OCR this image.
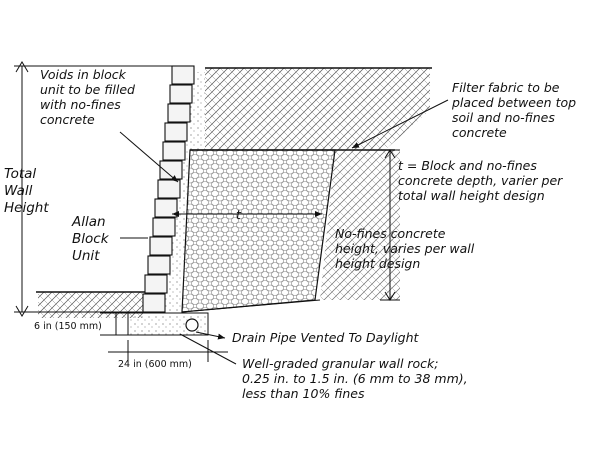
Voids in block
unit to be filled
with no-fines
concrete
Filter fabric to be
placed between top
soil and no-fines
concrete
t = Block and no-fines
concrete depth, varier per
total wall height design
Total
Wall
Height
Allan
Block
Unit
No-fines concrete
height, varies per wall
height design
t
6 in (150 mm)
24 in (600 mm)
Drain Pipe Vented To Daylight
Well-graded granular wall rock;
0.25 in. to 1.5 in. (6 mm to 38 mm),
less than 10% fines
